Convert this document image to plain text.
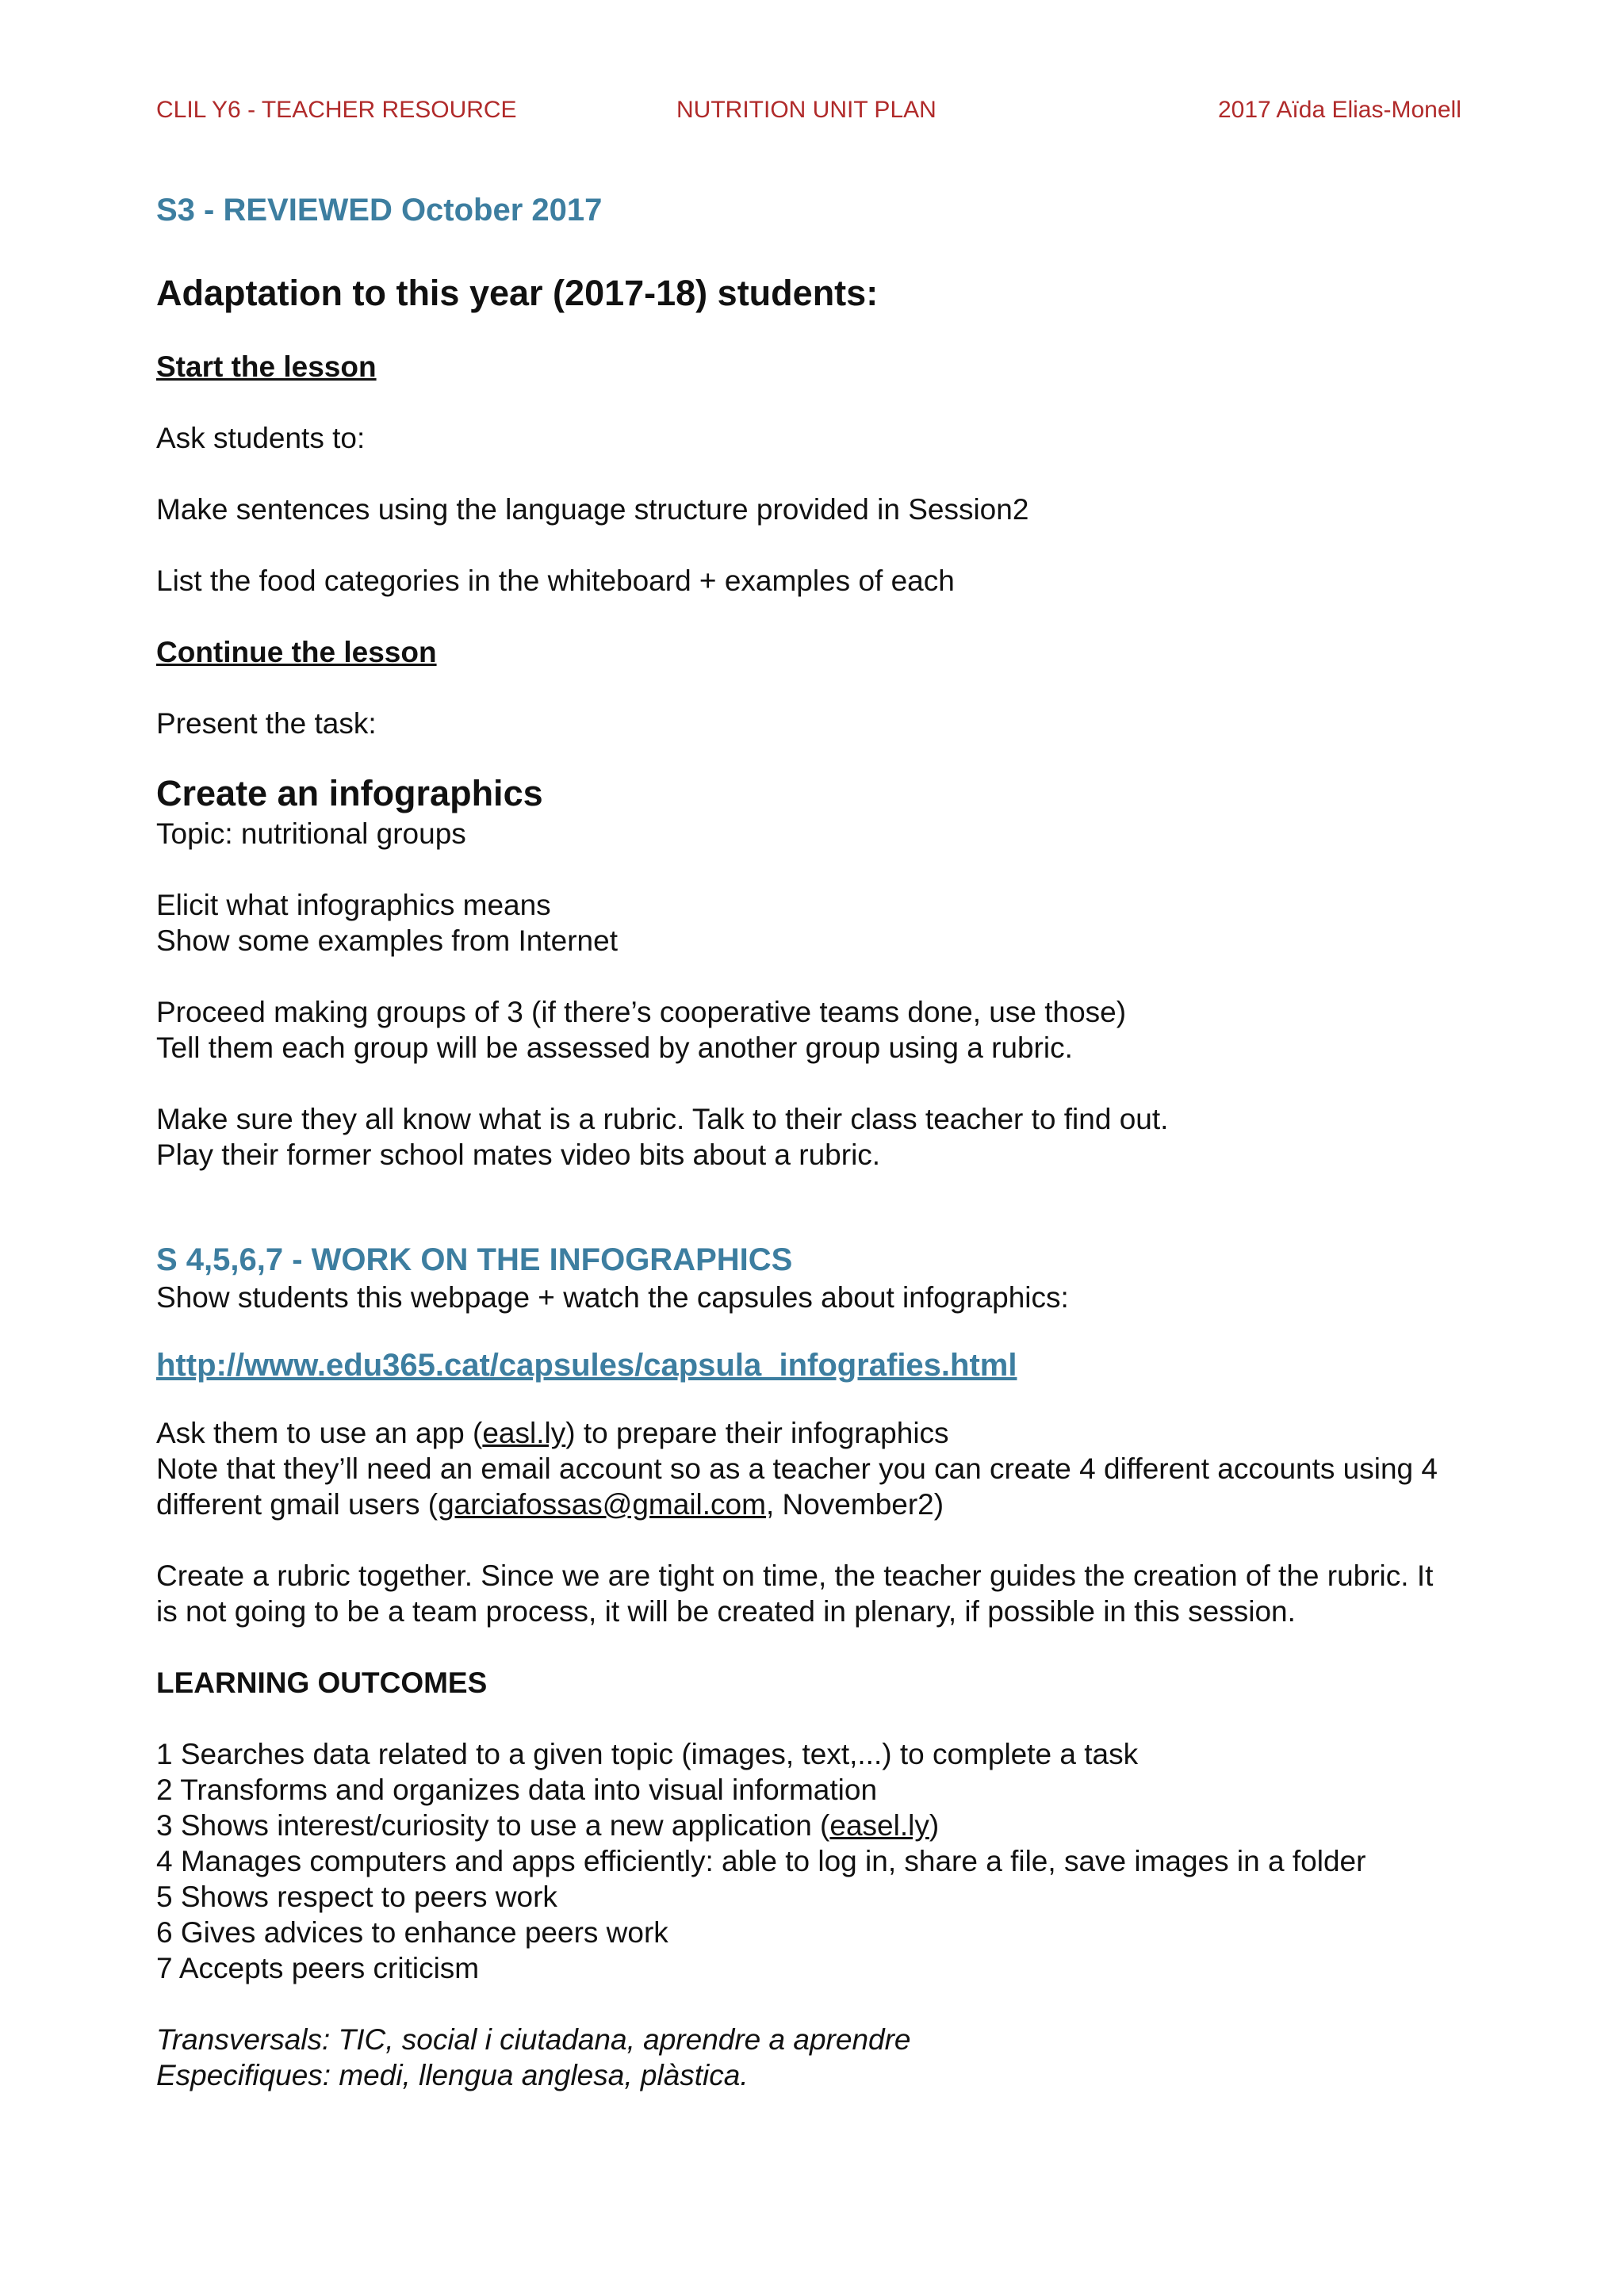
CLIL Y6 - TEACHER RESOURCE	NUTRITION UNIT PLAN	2017 Aïda Elias-Monell

S3 - REVIEWED October 2017

Adaptation to this year (2017-18) students:

Start the lesson

Ask students to:

Make sentences using the language structure provided in Session2

List the food categories in the whiteboard + examples of each

Continue the lesson

Present the task:

Create an infographics

Topic: nutritional groups

Elicit what infographics means

Show some examples from Internet

Proceed making groups of 3 (if there’s cooperative teams done, use those)

Tell them each group will be assessed by another group using a rubric.

Make sure they all know what is a rubric. Talk to their class teacher to find out.

Play their former school mates video bits about a rubric.

S 4,5,6,7 - WORK ON THE INFOGRAPHICS

Show students this webpage + watch the capsules about infographics:

http://www.edu365.cat/capsules/capsula_infografies.html

Ask them to use an app (easl.ly) to prepare their infographics

Note that they’ll need an email account so as a teacher you can create 4 different accounts using 4

different gmail users (garciafossas@gmail.com, November2)

Create a rubric together. Since we are tight on time, the teacher guides the creation of the rubric. It

is not going to be a team process, it will be created in plenary, if possible in this session.

LEARNING OUTCOMES

1 Searches data related to a given topic (images, text,...) to complete a task

2 Transforms and organizes data into visual information

3 Shows interest/curiosity to use a new application (easel.ly)

4 Manages computers and apps efficiently: able to log in, share a file, save images in a folder

5 Shows respect to peers work

6 Gives advices to enhance peers work

7 Accepts peers criticism

Transversals: TIC, social i ciutadana, aprendre a aprendre

Especifiques: medi, llengua anglesa, plàstica.
